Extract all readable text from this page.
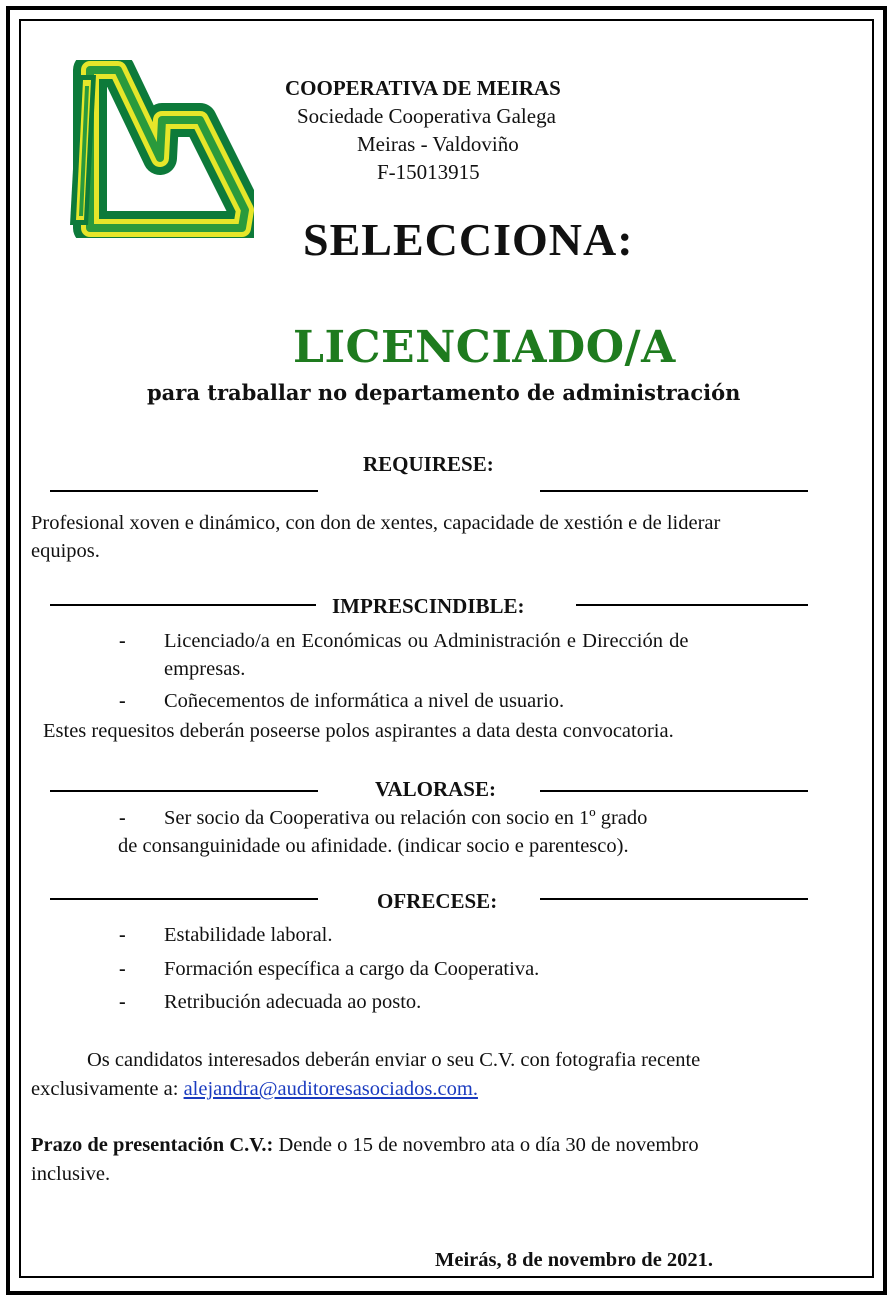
COOPERATIVA DE MEIRAS
Sociedade Cooperativa Galega
Meiras - Valdoviño
F-15013915
SELECCIONA:
LICENCIADO/A
para traballar no departamento de administración
REQUIRESE:
Profesional xoven e dinámico, con don de xentes, capacidade de xestión e de liderar
equipos.
IMPRESCINDIBLE:
- Licenciado/a en Económicas ou Administración e Dirección de
empresas.
- Coñecementos de informática a nivel de usuario.
Estes requesitos deberán poseerse polos aspirantes a data desta convocatoria.
VALORASE:
- Ser socio da Cooperativa ou relación con socio en 1º grado
de consanguinidade ou afinidade. (indicar socio e parentesco).
OFRECESE:
- Estabilidade laboral.
- Formación específica a cargo da Cooperativa.
- Retribución adecuada ao posto.
Os candidatos interesados deberán enviar o seu C.V. con fotografia recente
exclusivamente a: alejandra@auditoresasociados.com.
Prazo de presentación C.V.: Dende o 15 de novembro ata o día 30 de novembro
inclusive.
Meirás, 8 de novembro de 2021.
